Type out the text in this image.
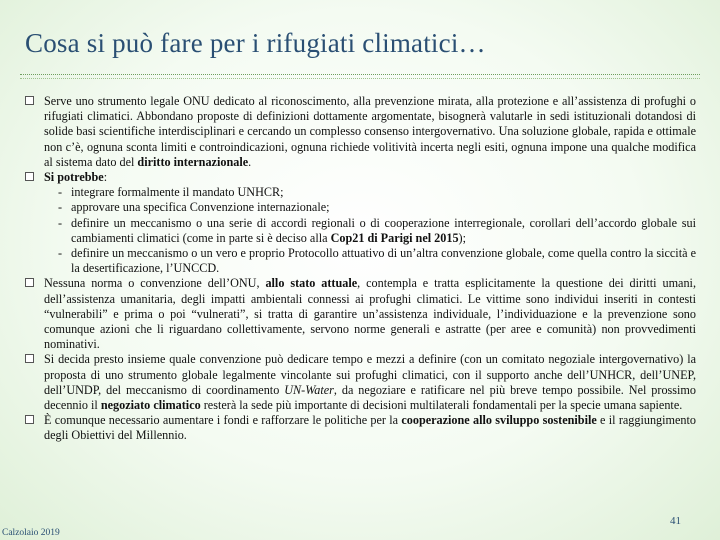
Cosa si può fare per i rifugiati climatici…
Serve uno strumento legale ONU dedicato al riconoscimento, alla prevenzione mirata, alla protezione e all’assistenza di profughi o rifugiati climatici. Abbondano proposte di definizioni dottamente argomentate, bisognerà valutarle in sedi istituzionali dotandosi di solide basi scientifiche interdisciplinari e cercando un complesso consenso intergovernativo. Una soluzione globale, rapida e ottimale non c’è, ognuna sconta limiti e controindicazioni, ognuna richiede volitività incerta negli esiti, ognuna impone una qualche modifica al sistema dato del diritto internazionale.
Si potrebbe:
- integrare formalmente il mandato UNHCR;
- approvare una specifica Convenzione internazionale;
- definire un meccanismo o una serie di accordi regionali o di cooperazione interregionale, corollari dell’accordo globale sui cambiamenti climatici (come in parte si è deciso alla Cop21 di Parigi nel 2015);
- definire un meccanismo o un vero e proprio Protocollo attuativo di un’altra convenzione globale, come quella contro la siccità e la desertificazione, l’UNCCD.
Nessuna norma o convenzione dell’ONU, allo stato attuale, contempla e tratta esplicitamente la questione dei diritti umani, dell’assistenza umanitaria, degli impatti ambientali connessi ai profughi climatici. Le vittime sono individui inseriti in contesti “vulnerabili” e prima o poi “vulnerati”, si tratta di garantire un’assistenza individuale, l’individuazione e la prevenzione sono comunque azioni che li riguardano collettivamente, servono norme generali e astratte (per aree e comunità) non provvedimenti nominativi.
Si decida presto insieme quale convenzione può dedicare tempo e mezzi a definire (con un comitato negoziale intergovernativo) la proposta di uno strumento globale legalmente vincolante sui profughi climatici, con il supporto anche dell’UNHCR, dell’UNEP, dell’UNDP, del meccanismo di coordinamento UN-Water, da negoziare e ratificare nel più breve tempo possibile. Nel prossimo decennio il negoziato climatico resterà la sede più importante di decisioni multilaterali fondamentali per la specie umana sapiente.
È comunque necessario aumentare i fondi e rafforzare le politiche per la cooperazione allo sviluppo sostenibile e il raggiungimento degli Obiettivi del Millennio.
41
Calzolaio 2019
